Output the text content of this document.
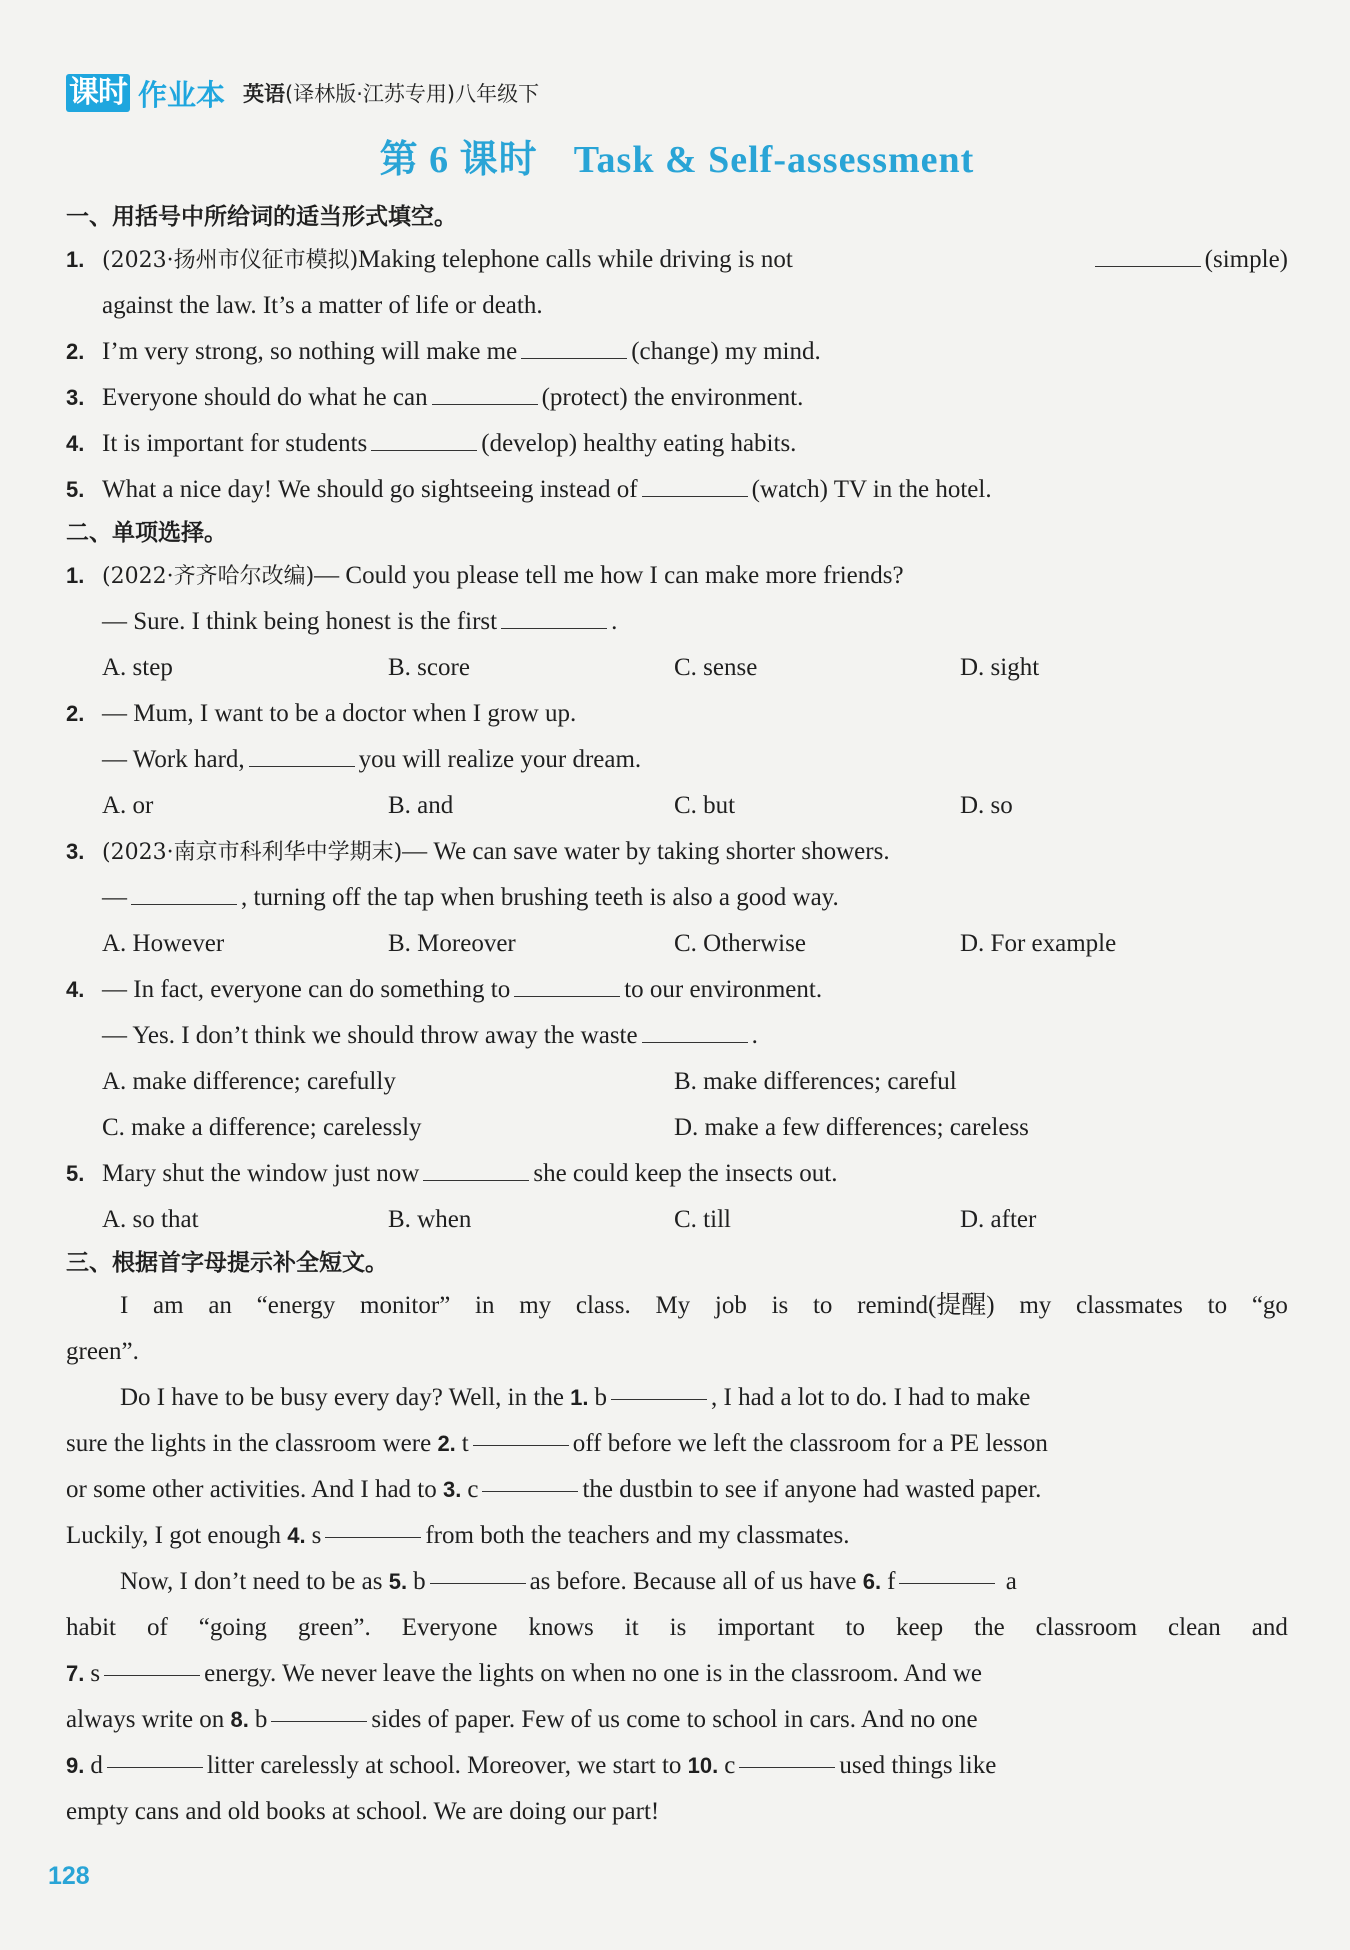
课时 作业本 英语(译林版·江苏专用)八年级下
第 6 课时 Task & Self-assessment
一、用括号中所给词的适当形式填空。
1. (2023·扬州市仪征市模拟)Making telephone calls while driving is not	(simple)
against the law. It’s a matter of life or death.
2. I’m very strong, so nothing will make me	(change) my mind.
3. Everyone should do what he can	(protect) the environment.
4. It is important for students	(develop) healthy eating habits.
5. What a nice day! We should go sightseeing instead of	(watch) TV in the hotel.
二、单项选择。
1. (2022·齐齐哈尔改编)— Could you please tell me how I can make more friends?
— Sure. I think being honest is the first	.
A. step	B. score	C. sense	D. sight
2. — Mum, I want to be a doctor when I grow up.
— Work hard,	you will realize your dream.
A. or	B. and	C. but	D. so
3. (2023·南京市科利华中学期末)— We can save water by taking shorter showers.
—	, turning off the tap when brushing teeth is also a good way.
A. However	B. Moreover	C. Otherwise	D. For example
4. — In fact, everyone can do something to	to our environment.
— Yes. I don’t think we should throw away the waste	.
A. make difference; carefully	B. make differences; careful
C. make a difference; carelessly	D. make a few differences; careless
5. Mary shut the window just now	she could keep the insects out.
A. so that	B. when	C. till	D. after
三、根据首字母提示补全短文。
I am an “energy monitor” in my class. My job is to remind(提醒) my classmates to “go
green”.
Do I have to be busy every day? Well, in the
1. b	, I had a lot to do. I had to make
sure the lights in the classroom were
2. t	off before we left the classroom for a PE lesson
or some other activities. And I had to
3. c	the dustbin to see if anyone had wasted paper.
Luckily, I got enough
4. s	from both the teachers and my classmates.
Now, I don’t need to be as
5. b	as before. Because all of us have
6. f
	a
habit of “going green”. Everyone knows it is important to keep the classroom clean and
7. s	energy. We never leave the lights on when no one is in the classroom. And we
always write on
8. b	sides of paper. Few of us come to school in cars. And no one
9. d	litter carelessly at school. Moreover, we start to
10. c	used things like
empty cans and old books at school. We are doing our part!
128
